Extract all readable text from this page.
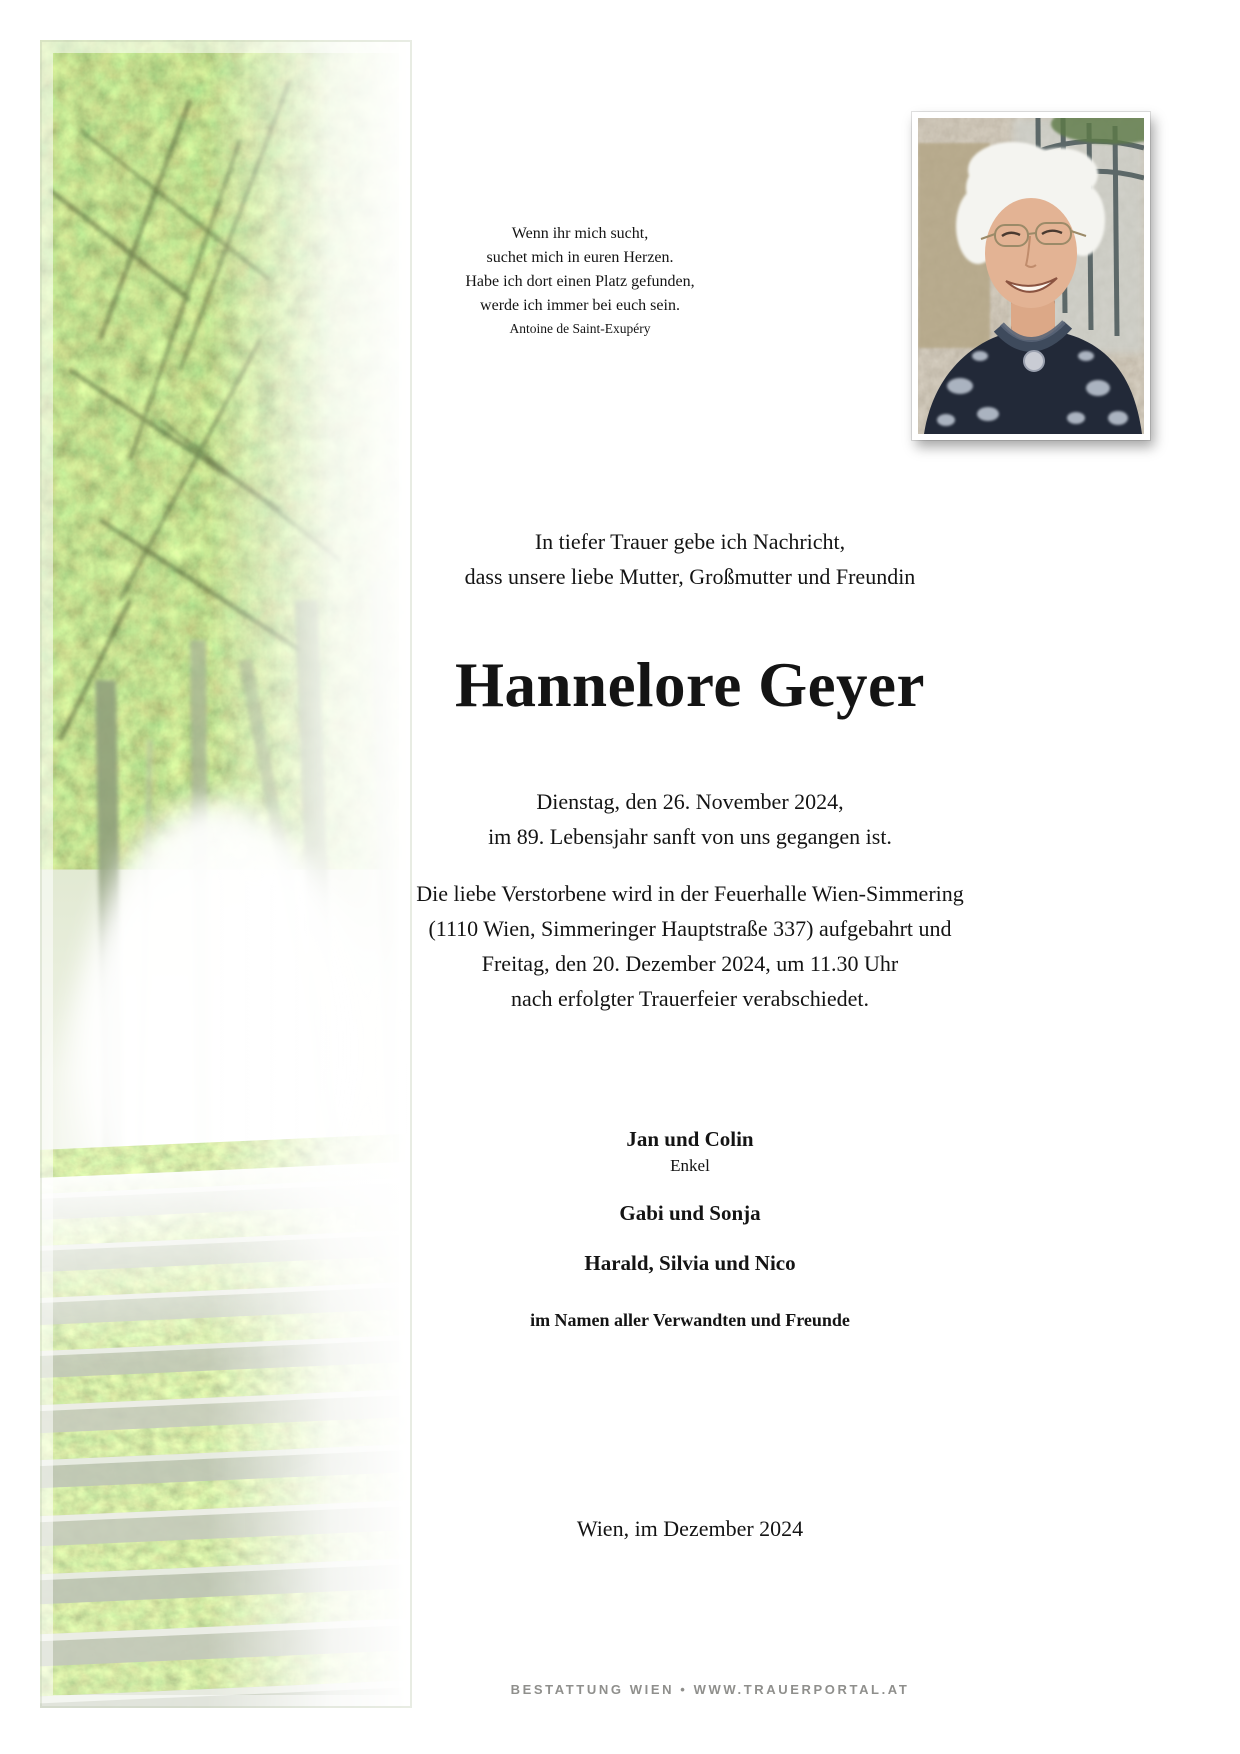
Wenn ihr mich sucht,
suchet mich in euren Herzen.
Habe ich dort einen Platz gefunden,
werde ich immer bei euch sein.
Antoine de Saint-Exupéry
In tiefer Trauer gebe ich Nachricht,
dass unsere liebe Mutter, Großmutter und Freundin
Hannelore Geyer
Dienstag, den 26. November 2024,
im 89. Lebensjahr sanft von uns gegangen ist.
Die liebe Verstorbene wird in der Feuerhalle Wien-Simmering
(1110 Wien, Simmeringer Hauptstraße 337) aufgebahrt und
Freitag, den 20. Dezember 2024, um 11.30 Uhr
nach erfolgter Trauerfeier verabschiedet.
Jan und Colin
Enkel
Gabi und Sonja
Harald, Silvia und Nico
im Namen aller Verwandten und Freunde
Wien, im Dezember 2024
BESTATTUNG WIEN • WWW.TRAUERPORTAL.AT
